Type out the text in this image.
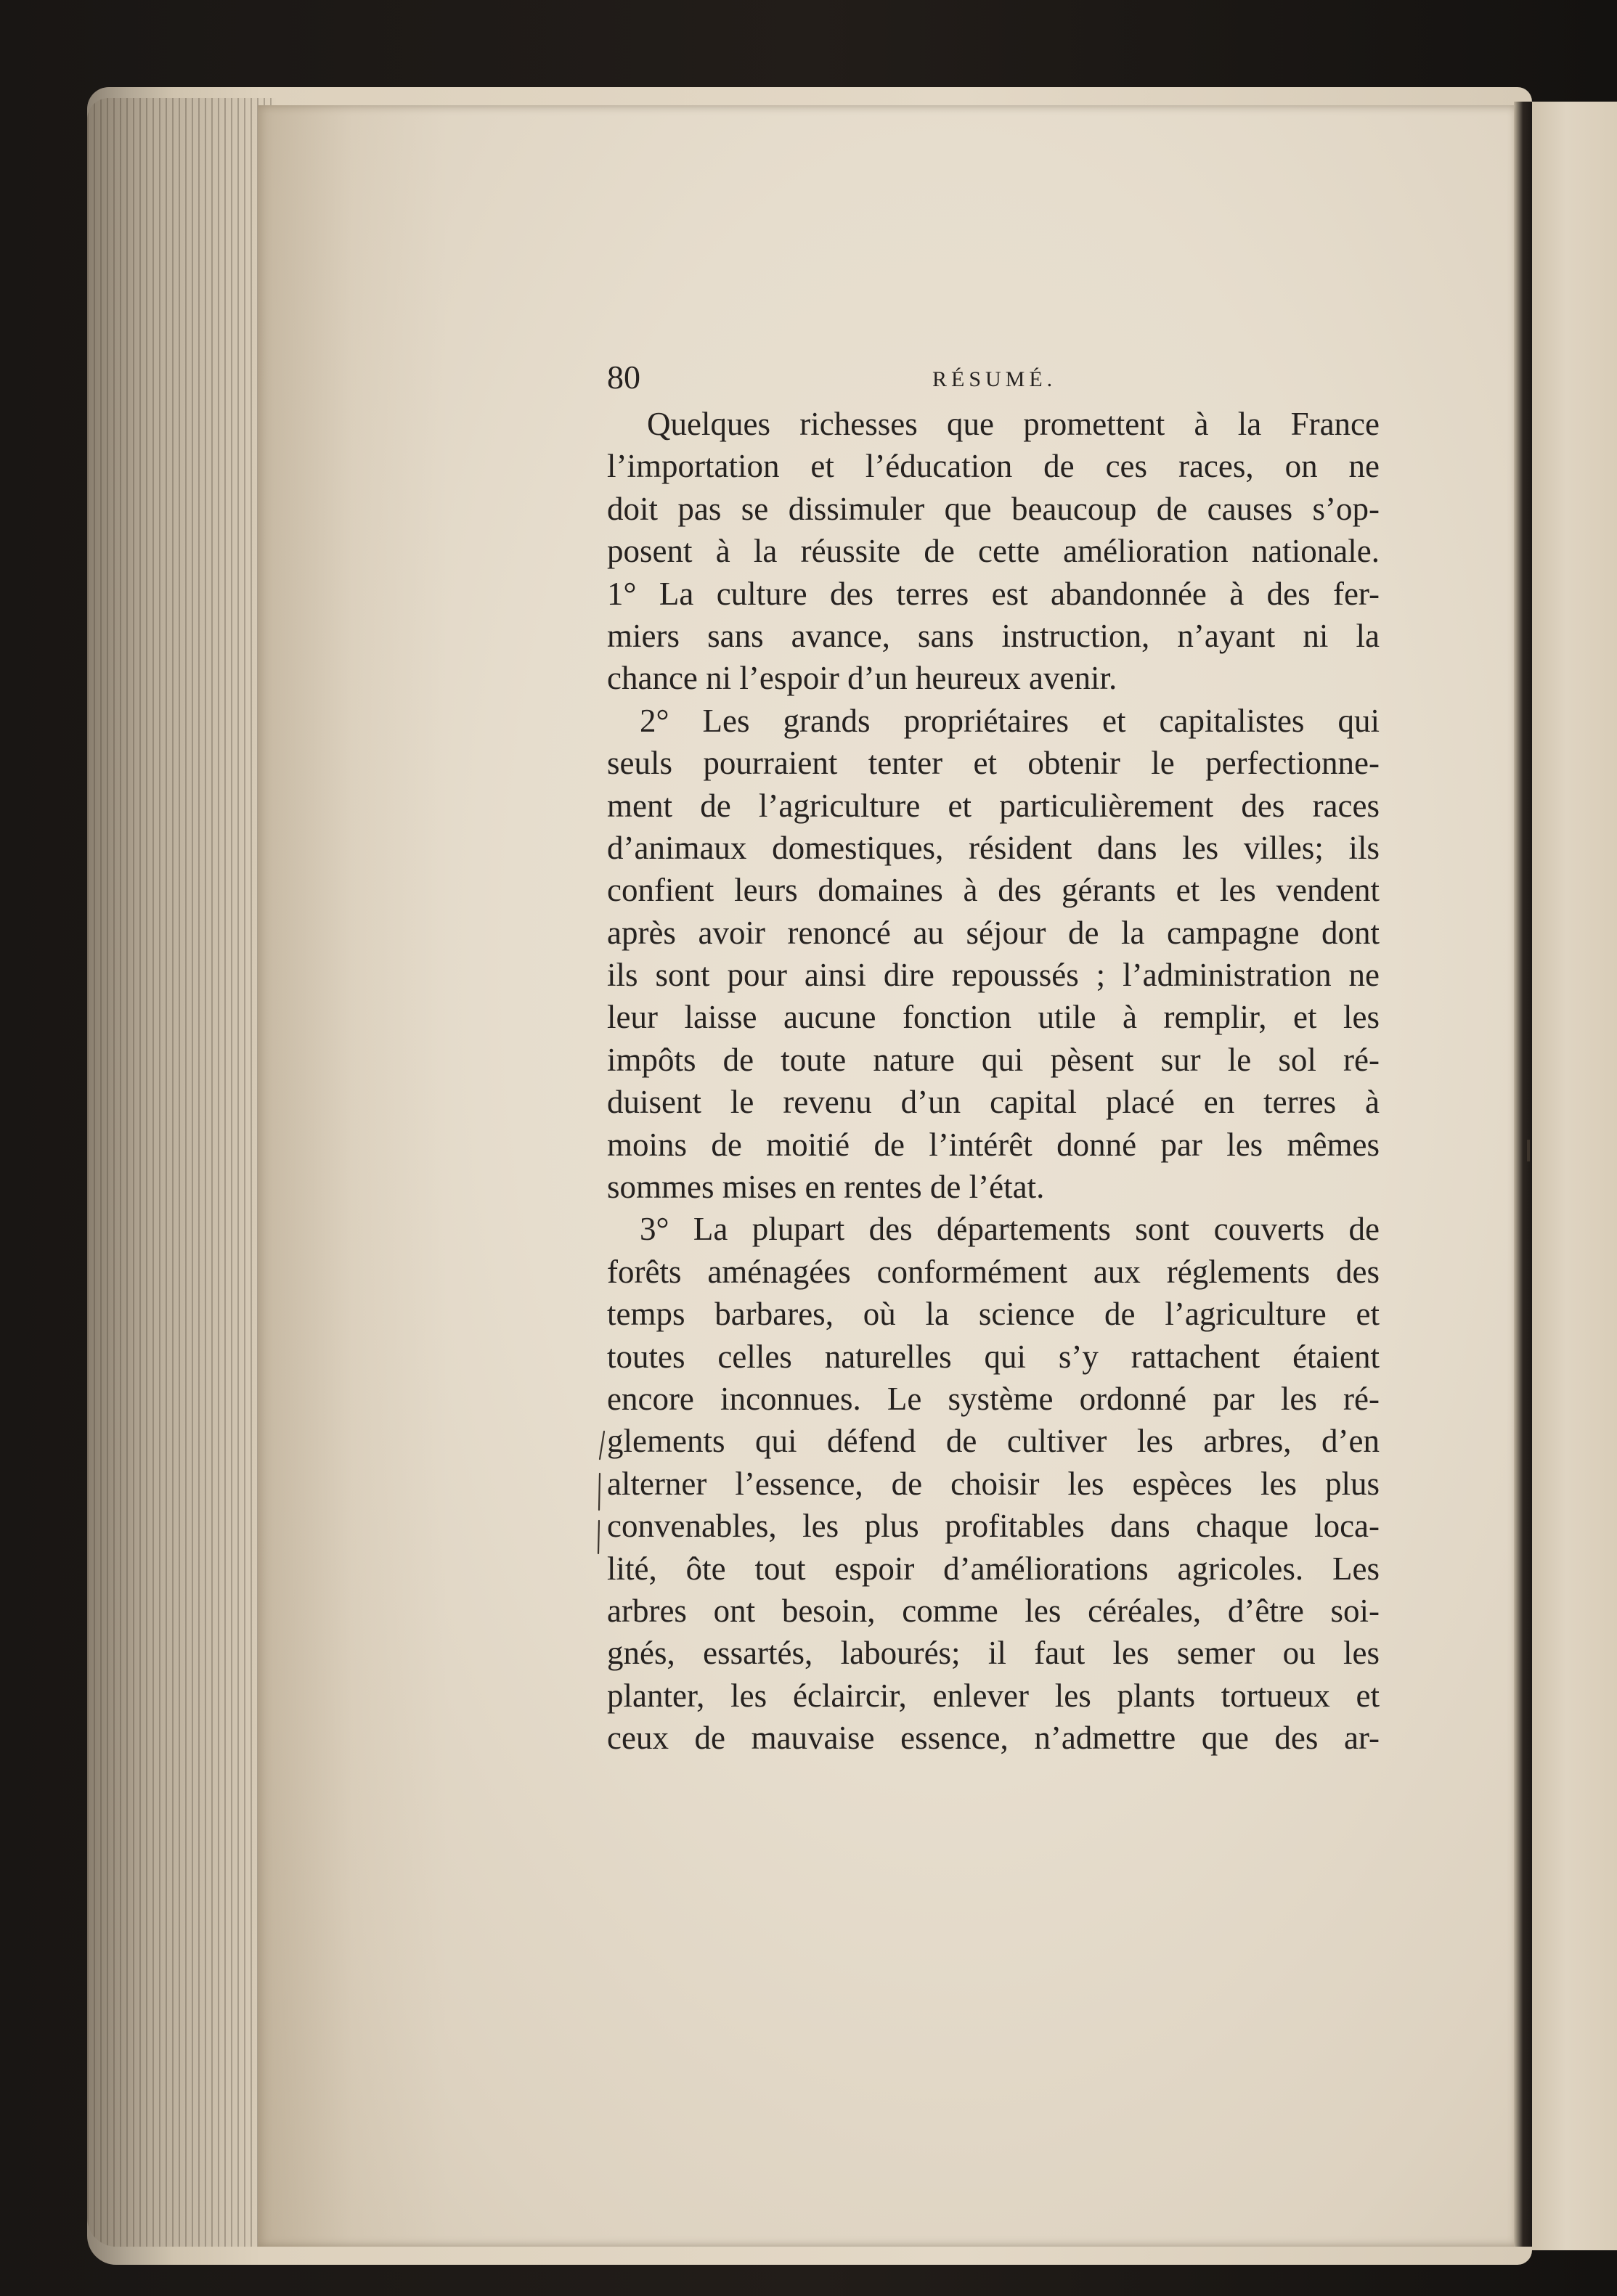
80	RÉSUMÉ.
Quelques richesses que promettent à la France
l’importation et l’éducation de ces races, on ne
doit pas se dissimuler que beaucoup de causes s’op-
posent à la réussite de cette amélioration nationale.
1° La culture des terres est abandonnée à des fer-
miers sans avance, sans instruction, n’ayant ni la
chance ni l’espoir d’un heureux avenir.
2° Les grands propriétaires et capitalistes qui
seuls pourraient tenter et obtenir le perfectionne-
ment de l’agriculture et particulièrement des races
d’animaux domestiques, résident dans les villes; ils
confient leurs domaines à des gérants et les vendent
après avoir renoncé au séjour de la campagne dont
ils sont pour ainsi dire repoussés ; l’administration ne
leur laisse aucune fonction utile à remplir, et les
impôts de toute nature qui pèsent sur le sol ré-
duisent le revenu d’un capital placé en terres à
moins de moitié de l’intérêt donné par les mêmes
sommes mises en rentes de l’état.
3° La plupart des départements sont couverts de
forêts aménagées conformément aux réglements des
temps barbares, où la science de l’agriculture et
toutes celles naturelles qui s’y rattachent étaient
encore inconnues. Le système ordonné par les ré-
glements qui défend de cultiver les arbres, d’en
alterner l’essence, de choisir les espèces les plus
convenables, les plus profitables dans chaque loca-
lité, ôte tout espoir d’améliorations agricoles. Les
arbres ont besoin, comme les céréales, d’être soi-
gnés, essartés, labourés; il faut les semer ou les
planter, les éclaircir, enlever les plants tortueux et
ceux de mauvaise essence, n’admettre que des ar-
